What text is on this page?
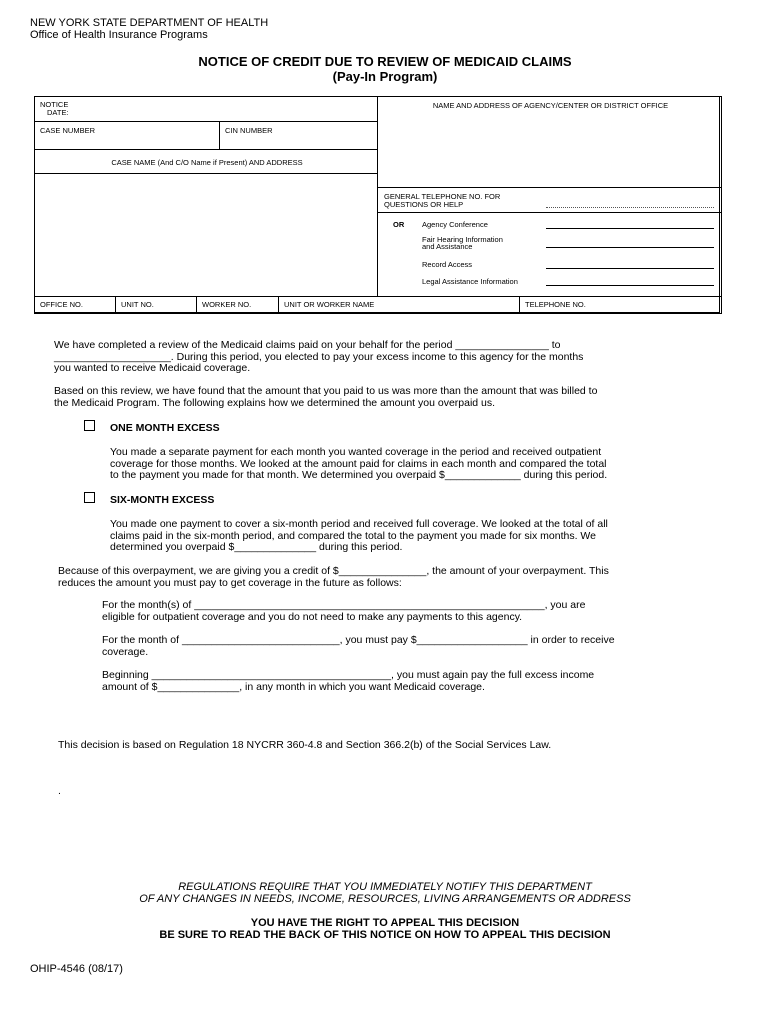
NEW YORK STATE DEPARTMENT OF HEALTH
Office of Health Insurance Programs
NOTICE OF CREDIT DUE TO REVIEW OF MEDICAID CLAIMS
(Pay-In Program)
NOTICE
DATE:
CASE NUMBER	CIN NUMBER
CASE NAME (And C/O Name if Present) AND ADDRESS
NAME AND ADDRESS OF AGENCY/CENTER OR DISTRICT OFFICE
GENERAL TELEPHONE NO. FOR
QUESTIONS OR HELP
OR Agency Conference
Fair Hearing Information
and Assistance
Record Access
Legal Assistance Information
OFFICE NO.	UNIT NO.	WORKER NO.	UNIT OR WORKER NAME	TELEPHONE NO.
We have completed a review of the Medicaid claims paid on your behalf for the period ________________ to
____________________. During this period, you elected to pay your excess income to this agency for the months
you wanted to receive Medicaid coverage.
Based on this review, we have found that the amount that you paid to us was more than the amount that was billed to
the Medicaid Program. The following explains how we determined the amount you overpaid us.
ONE MONTH EXCESS
You made a separate payment for each month you wanted coverage in the period and received outpatient
coverage for those months. We looked at the amount paid for claims in each month and compared the total
to the payment you made for that month. We determined you overpaid $_____________ during this period.
SIX-MONTH EXCESS
You made one payment to cover a six-month period and received full coverage. We looked at the total of all
claims paid in the six-month period, and compared the total to the payment you made for six months. We
determined you overpaid $______________ during this period.
Because of this overpayment, we are giving you a credit of $_______________, the amount of your overpayment. This
reduces the amount you must pay to get coverage in the future as follows:
For the month(s) of ____________________________________________________________, you are
eligible for outpatient coverage and you do not need to make any payments to this agency.
For the month of ___________________________, you must pay $___________________ in order to receive
coverage.
Beginning _________________________________________, you must again pay the full excess income
amount of $______________, in any month in which you want Medicaid coverage.
This decision is based on Regulation 18 NYCRR 360-4.8 and Section 366.2(b) of the Social Services Law.
.
REGULATIONS REQUIRE THAT YOU IMMEDIATELY NOTIFY THIS DEPARTMENT
OF ANY CHANGES IN NEEDS, INCOME, RESOURCES, LIVING ARRANGEMENTS OR ADDRESS
YOU HAVE THE RIGHT TO APPEAL THIS DECISION
BE SURE TO READ THE BACK OF THIS NOTICE ON HOW TO APPEAL THIS DECISION
OHIP-4546 (08/17)
